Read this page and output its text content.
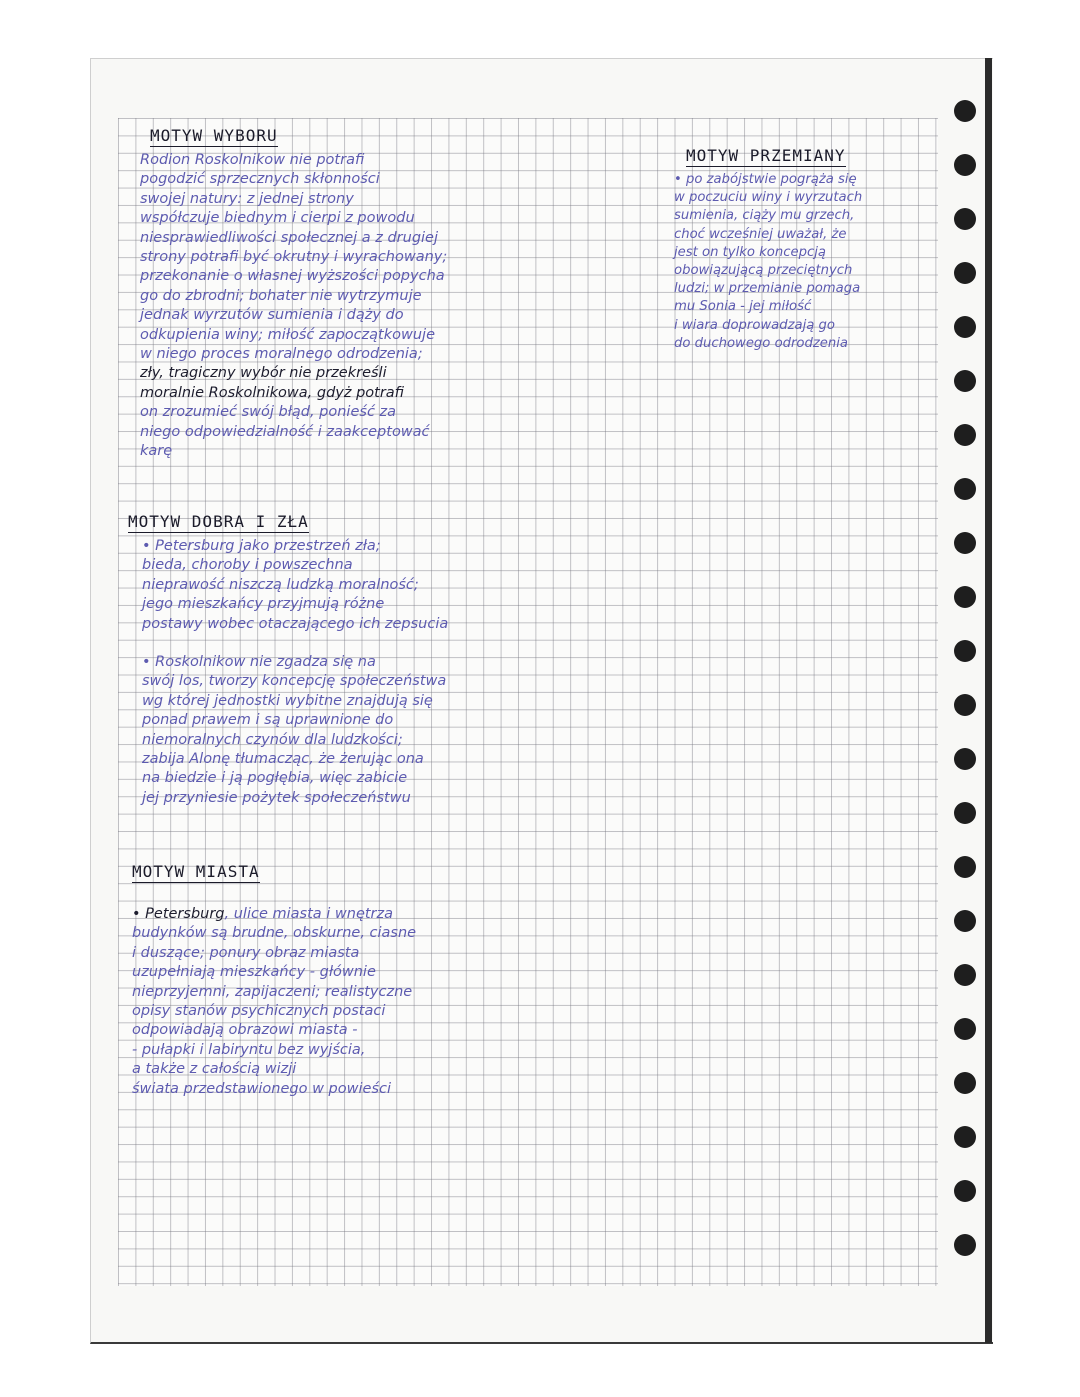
MOTYW WYBORU
Rodion Roskolnikow nie potrafi
pogodzić sprzecznych skłonności
swojej natury: z jednej strony
współczuje biednym i cierpi z powodu
niesprawiedliwości społecznej a z drugiej
strony potrafi być okrutny i wyrachowany;
przekonanie o własnej wyższości popycha
go do zbrodni; bohater nie wytrzymuje
jednak wyrzutów sumienia i dąży do
odkupienia winy; miłość zapoczątkowuje
w niego proces moralnego odrodzenia;
zły, tragiczny wybór nie przekreśli
moralnie Roskolnikowa, gdyż potrafi
on zrozumieć swój błąd, ponieść za
niego odpowiedzialność i zaakceptować
karę
MOTYW DOBRA I ZŁA
• Petersburg jako przestrzeń zła;
bieda, choroby i powszechna
nieprawość niszczą ludzką moralność;
jego mieszkańcy przyjmują różne
postawy wobec otaczającego ich zepsucia
• Roskolnikow nie zgadza się na
swój los, tworzy koncepcję społeczeństwa
wg której jednostki wybitne znajdują się
ponad prawem i są uprawnione do
niemoralnych czynów dla ludzkości;
zabija Alonę tłumacząc, że żerując ona
na biedzie i ją pogłębia, więc zabicie
jej przyniesie pożytek społeczeństwu
MOTYW MIASTA
• Petersburg, ulice miasta i wnętrza
budynków są brudne, obskurne, ciasne
i duszące; ponury obraz miasta
uzupełniają mieszkańcy - głównie
nieprzyjemni, zapijaczeni; realistyczne
opisy stanów psychicznych postaci
odpowiadają obrazowi miasta -
- pułapki i labiryntu bez wyjścia,
a także z całością wizji
świata przedstawionego w powieści
MOTYW PRZEMIANY
• po zabójstwie pogrąża się
w poczuciu winy i wyrzutach
sumienia, ciąży mu grzech,
choć wcześniej uważał, że
jest on tylko koncepcją
obowiązującą przeciętnych
ludzi; w przemianie pomaga
mu Sonia - jej miłość
i wiara doprowadzają go
do duchowego odrodzenia
